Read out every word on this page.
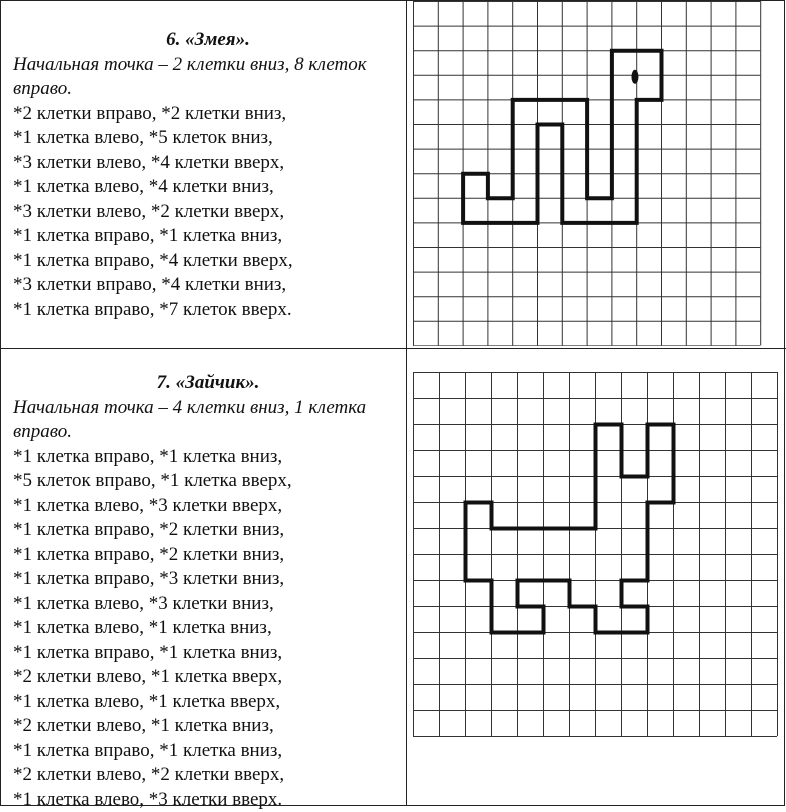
6. «Змея».

Начальная точка – 2 клетки вниз, 8 клеток вправо.

*2 клетки вправо, *2 клетки вниз,
*1 клетка влево, *5 клеток вниз,
*3 клетки влево, *4 клетки вверх,
*1 клетка влево, *4 клетки вниз,
*3 клетки влево, *2 клетки вверх,
*1 клетка вправо, *1 клетка вниз,
*1 клетка вправо, *4 клетки вверх,
*3 клетки вправо, *4 клетки вниз,
*1 клетка вправо, *7 клеток вверх.

7. «Зайчик».

Начальная точка – 4 клетки вниз, 1 клетка вправо.

*1 клетка вправо, *1 клетка вниз,
*5 клеток вправо, *1 клетка вверх,
*1 клетка влево, *3 клетки вверх,
*1 клетка вправо, *2 клетки вниз,
*1 клетка вправо, *2 клетки вниз,
*1 клетка вправо, *3 клетки вниз,
*1 клетка влево, *3 клетки вниз,
*1 клетка влево, *1 клетка вниз,
*1 клетка вправо, *1 клетка вниз,
*2 клетки влево, *1 клетка вверх,
*1 клетка влево, *1 клетка вверх,
*2 клетки влево, *1 клетка вниз,
*1 клетка вправо, *1 клетка вниз,
*2 клетки влево, *2 клетки вверх,
*1 клетка влево, *3 клетки вверх.
